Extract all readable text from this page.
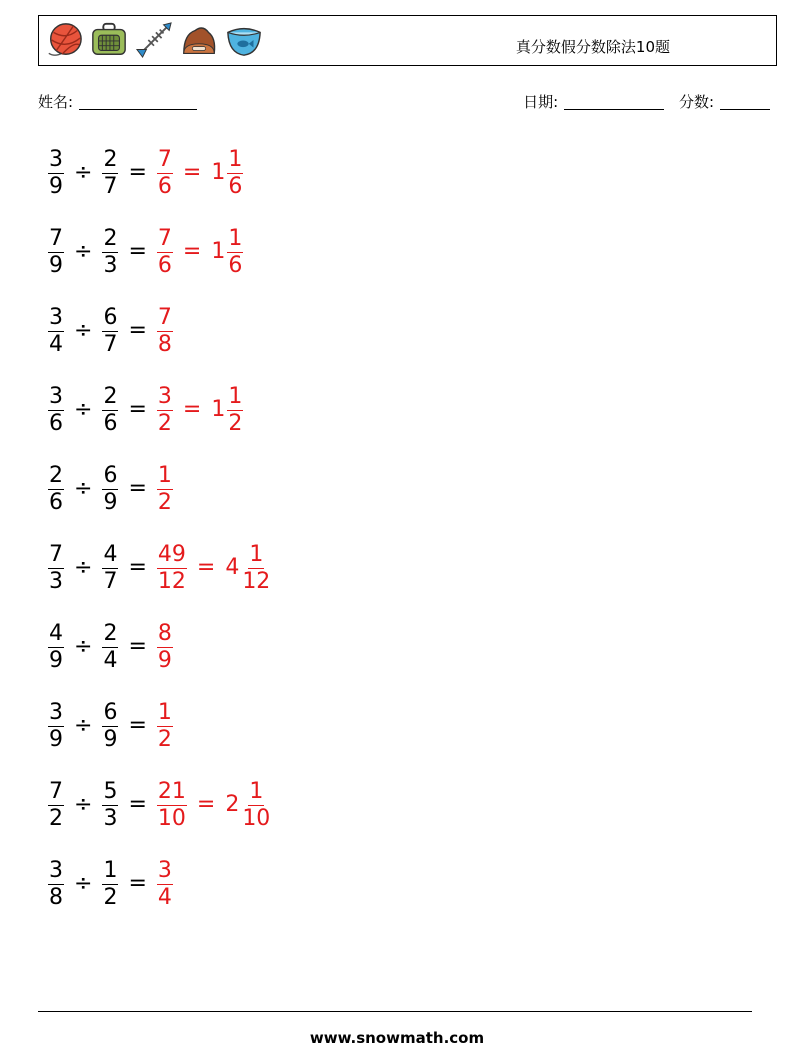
真分数假分数除法10题
姓名:	日期:	分数:
$\frac{3}{9} \div \frac{2}{7} = \frac{7}{6} = 1 \frac{1}{6}$
$\frac{7}{9} \div \frac{2}{3} = \frac{7}{6} = 1 \frac{1}{6}$
$\frac{3}{4} \div \frac{6}{7} = \frac{7}{8}$
$\frac{3}{6} \div \frac{2}{6} = \frac{3}{2} = 1 \frac{1}{2}$
$\frac{2}{6} \div \frac{6}{9} = \frac{1}{2}$
$\frac{7}{3} \div \frac{4}{7} = \frac{49}{12} = 4 \frac{1}{12}$
$\frac{4}{9} \div \frac{2}{4} = \frac{8}{9}$
$\frac{3}{9} \div \frac{6}{9} = \frac{1}{2}$
$\frac{7}{2} \div \frac{5}{3} = \frac{21}{10} = 2 \frac{1}{10}$
$\frac{3}{8} \div \frac{1}{2} = \frac{3}{4}$
www.snowmath.com
